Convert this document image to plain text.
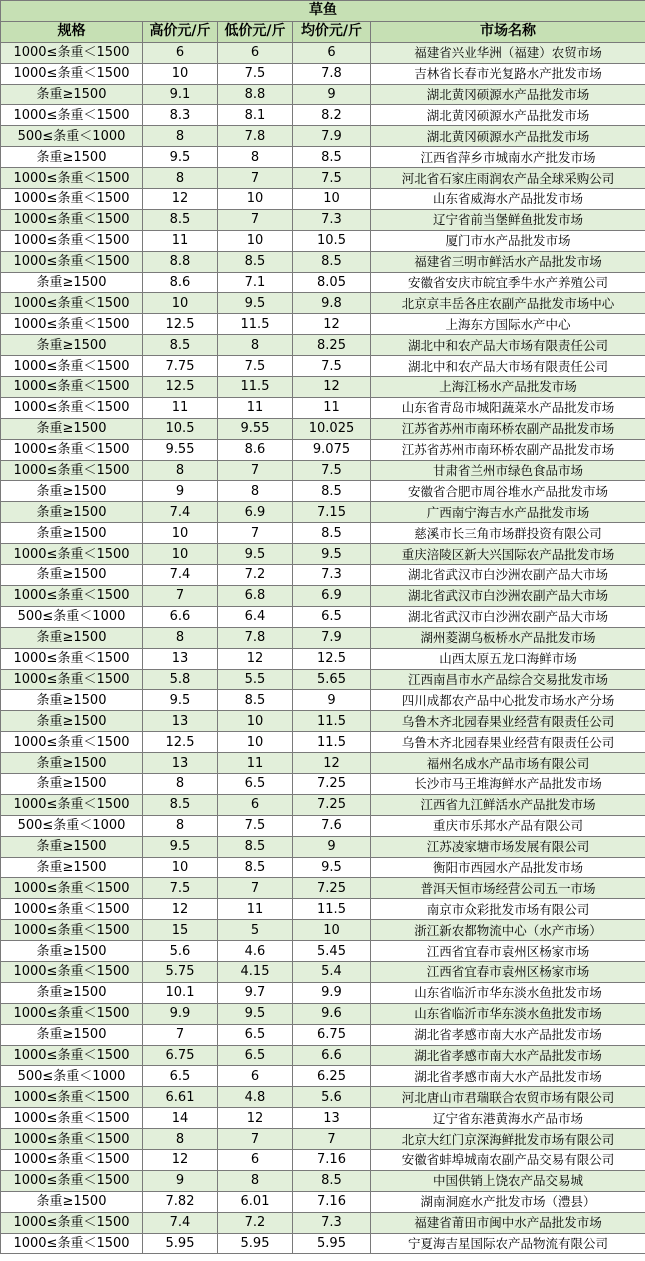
草鱼				
规格	高价元/斤	低价元/斤	均价元/斤	市场名称
1000≤条重＜1500	6	6	6	福建省兴业华洲（福建）农贸市场
1000≤条重＜1500	10	7.5	7.8	吉林省长春市光复路水产批发市场
条重≥1500	9.1	8.8	9	湖北黄冈硕源水产品批发市场
1000≤条重＜1500	8.3	8.1	8.2	湖北黄冈硕源水产品批发市场
500≤条重＜1000	8	7.8	7.9	湖北黄冈硕源水产品批发市场
条重≥1500	9.5	8	8.5	江西省萍乡市城南水产批发市场
1000≤条重＜1500	8	7	7.5	河北省石家庄雨润农产品全球采购公司
1000≤条重＜1500	12	10	10	山东省威海水产品批发市场
1000≤条重＜1500	8.5	7	7.3	辽宁省前当堡鲜鱼批发市场
1000≤条重＜1500	11	10	10.5	厦门市水产品批发市场
1000≤条重＜1500	8.8	8.5	8.5	福建省三明市鲜活水产品批发市场
条重≥1500	8.6	7.1	8.05	安徽省安庆市皖宜季牛水产养殖公司
1000≤条重＜1500	10	9.5	9.8	北京京丰岳各庄农副产品批发市场中心
1000≤条重＜1500	12.5	11.5	12	上海东方国际水产中心
条重≥1500	8.5	8	8.25	湖北中和农产品大市场有限责任公司
1000≤条重＜1500	7.75	7.5	7.5	湖北中和农产品大市场有限责任公司
1000≤条重＜1500	12.5	11.5	12	上海江杨水产品批发市场
1000≤条重＜1500	11	11	11	山东省青岛市城阳蔬菜水产品批发市场
条重≥1500	10.5	9.55	10.025	江苏省苏州市南环桥农副产品批发市场
1000≤条重＜1500	9.55	8.6	9.075	江苏省苏州市南环桥农副产品批发市场
1000≤条重＜1500	8	7	7.5	甘肃省兰州市绿色食品市场
条重≥1500	9	8	8.5	安徽省合肥市周谷堆水产品批发市场
条重≥1500	7.4	6.9	7.15	广西南宁海吉水产品批发市场
条重≥1500	10	7	8.5	慈溪市长三角市场群投资有限公司
1000≤条重＜1500	10	9.5	9.5	重庆涪陵区新大兴国际农产品批发市场
条重≥1500	7.4	7.2	7.3	湖北省武汉市白沙洲农副产品大市场
1000≤条重＜1500	7	6.8	6.9	湖北省武汉市白沙洲农副产品大市场
500≤条重＜1000	6.6	6.4	6.5	湖北省武汉市白沙洲农副产品大市场
条重≥1500	8	7.8	7.9	湖州菱湖乌板桥水产品批发市场
1000≤条重＜1500	13	12	12.5	山西太原五龙口海鲜市场
1000≤条重＜1500	5.8	5.5	5.65	江西南昌市水产品综合交易批发市场
条重≥1500	9.5	8.5	9	四川成都农产品中心批发市场水产分场
条重≥1500	13	10	11.5	乌鲁木齐北园春果业经营有限责任公司
1000≤条重＜1500	12.5	10	11.5	乌鲁木齐北园春果业经营有限责任公司
条重≥1500	13	11	12	福州名成水产品市场有限公司
条重≥1500	8	6.5	7.25	长沙市马王堆海鲜水产品批发市场
1000≤条重＜1500	8.5	6	7.25	江西省九江鲜活水产品批发市场
500≤条重＜1000	8	7.5	7.6	重庆市乐邦水产品有限公司
条重≥1500	9.5	8.5	9	江苏凌家塘市场发展有限公司
条重≥1500	10	8.5	9.5	衡阳市西园水产品批发市场
1000≤条重＜1500	7.5	7	7.25	普洱天恒市场经营公司五一市场
1000≤条重＜1500	12	11	11.5	南京市众彩批发市场有限公司
1000≤条重＜1500	15	5	10	浙江新农都物流中心（水产市场）
条重≥1500	5.6	4.6	5.45	江西省宜春市袁州区杨家市场
1000≤条重＜1500	5.75	4.15	5.4	江西省宜春市袁州区杨家市场
条重≥1500	10.1	9.7	9.9	山东省临沂市华东淡水鱼批发市场
1000≤条重＜1500	9.9	9.5	9.6	山东省临沂市华东淡水鱼批发市场
条重≥1500	7	6.5	6.75	湖北省孝感市南大水产品批发市场
1000≤条重＜1500	6.75	6.5	6.6	湖北省孝感市南大水产品批发市场
500≤条重＜1000	6.5	6	6.25	湖北省孝感市南大水产品批发市场
1000≤条重＜1500	6.61	4.8	5.6	河北唐山市君瑞联合农贸市场有限公司
1000≤条重＜1500	14	12	13	辽宁省东港黄海水产品市场
1000≤条重＜1500	8	7	7	北京大红门京深海鲜批发市场有限公司
1000≤条重＜1500	12	6	7.16	安徽省蚌埠城南农副产品交易有限公司
1000≤条重＜1500	9	8	8.5	中国供销上饶农产品交易城
条重≥1500	7.82	6.01	7.16	湖南洞庭水产批发市场（澧县）
1000≤条重＜1500	7.4	7.2	7.3	福建省莆田市闽中水产品批发市场
1000≤条重＜1500	5.95	5.95	5.95	宁夏海吉星国际农产品物流有限公司
